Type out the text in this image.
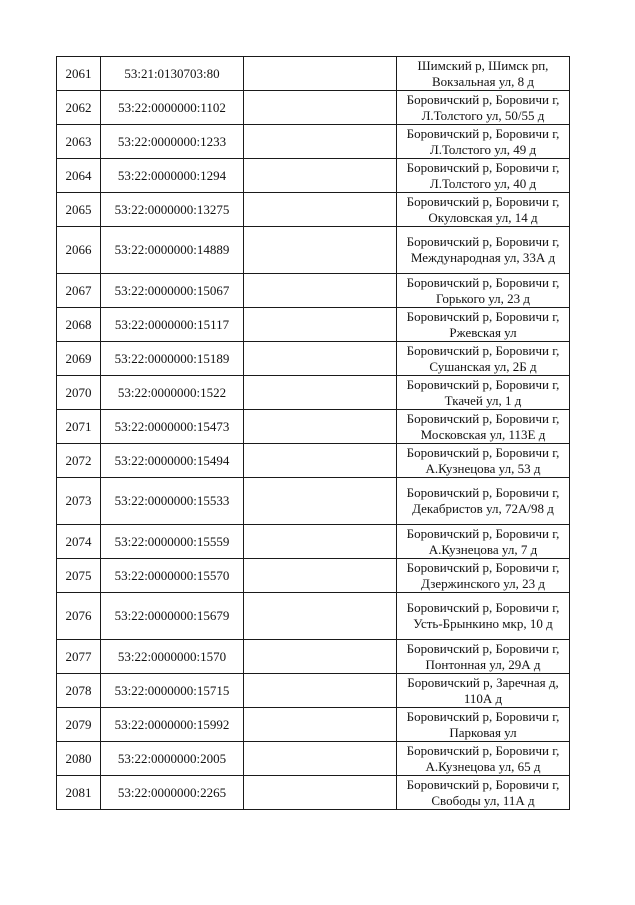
2061	53:21:0130703:80		Шимский р, Шимск рп,
Вокзальная ул, 8 д

2062	53:22:0000000:1102		Боровичский р, Боровичи г,
Л.Толстого ул, 50/55 д

2063	53:22:0000000:1233		Боровичский р, Боровичи г,
Л.Толстого ул, 49 д

2064	53:22:0000000:1294		Боровичский р, Боровичи г,
Л.Толстого ул, 40 д

2065	53:22:0000000:13275		Боровичский р, Боровичи г,
Окуловская ул, 14 д

2066	53:22:0000000:14889		Боровичский р, Боровичи г,
Международная ул, 33А д

2067	53:22:0000000:15067		Боровичский р, Боровичи г,
Горького ул, 23 д

2068	53:22:0000000:15117		Боровичский р, Боровичи г,
Ржевская ул

2069	53:22:0000000:15189		Боровичский р, Боровичи г,
Сушанская ул, 2Б д

2070	53:22:0000000:1522		Боровичский р, Боровичи г,
Ткачей ул, 1 д

2071	53:22:0000000:15473		Боровичский р, Боровичи г,
Московская ул, 113Е д

2072	53:22:0000000:15494		Боровичский р, Боровичи г,
А.Кузнецова ул, 53 д

2073	53:22:0000000:15533		Боровичский р, Боровичи г,
Декабристов ул, 72А/98 д

2074	53:22:0000000:15559		Боровичский р, Боровичи г,
А.Кузнецова ул, 7 д

2075	53:22:0000000:15570		Боровичский р, Боровичи г,
Дзержинского ул, 23 д

2076	53:22:0000000:15679		Боровичский р, Боровичи г,
Усть-Брынкино мкр, 10 д

2077	53:22:0000000:1570		Боровичский р, Боровичи г,
Понтонная ул, 29А д

2078	53:22:0000000:15715		Боровичский р, Заречная д,
110А д

2079	53:22:0000000:15992		Боровичский р, Боровичи г,
Парковая ул

2080	53:22:0000000:2005		Боровичский р, Боровичи г,
А.Кузнецова ул, 65 д

2081	53:22:0000000:2265		Боровичский р, Боровичи г,
Свободы ул, 11А д
